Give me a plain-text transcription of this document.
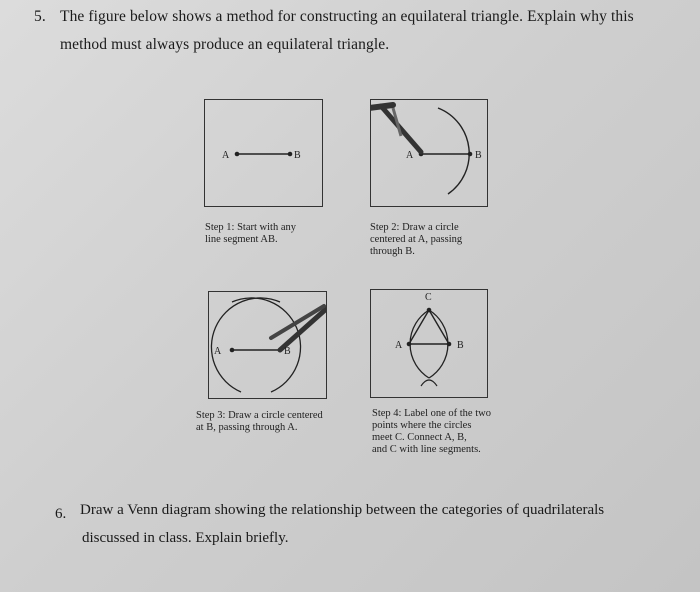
5. The figure below shows a method for constructing an equilateral triangle. Explain why this
method must always produce an equilateral triangle.
A	B	A	B
Step 1: Start with any
line segment AB.
Step 2: Draw a circle
centered at A, passing
through B.
A	B
A	B
C
Step 3: Draw a circle centered
at B, passing through A.
Step 4: Label one of the two
points where the circles
meet C. Connect A, B,
and C with line segments.
6. Draw a Venn diagram showing the relationship between the categories of quadrilaterals
discussed in class. Explain briefly.
